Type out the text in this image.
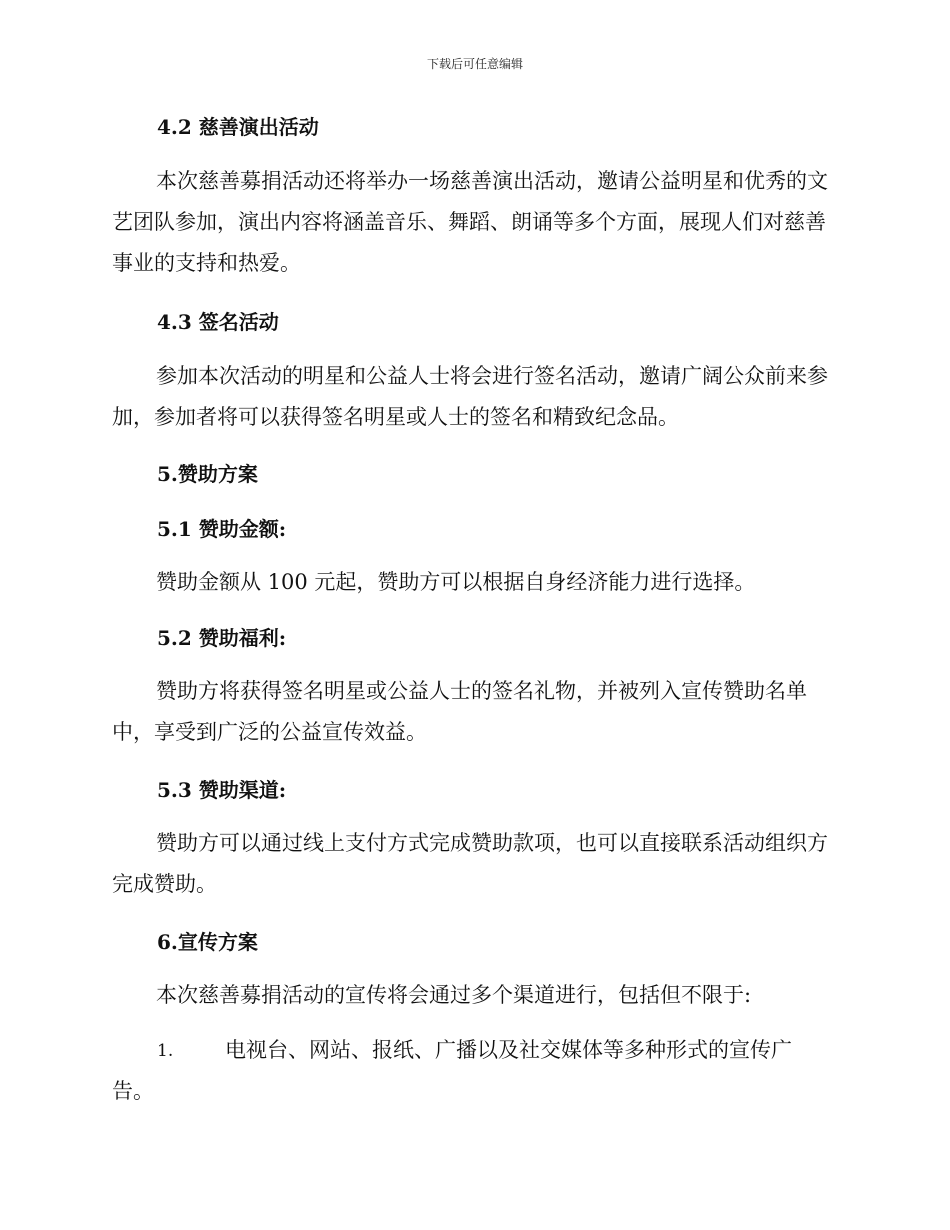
下载后可任意编辑
4.2 慈善演出活动
本次慈善募捐活动还将举办一场慈善演出活动，邀请公益明星和优秀的文艺团队参加，演出内容将涵盖音乐、舞蹈、朗诵等多个方面，展现人们对慈善事业的支持和热爱。
4.3 签名活动
参加本次活动的明星和公益人士将会进行签名活动，邀请广阔公众前来参加，参加者将可以获得签名明星或人士的签名和精致纪念品。
5.赞助方案
5.1 赞助金额:
赞助金额从 100 元起，赞助方可以根据自身经济能力进行选择。
5.2 赞助福利:
赞助方将获得签名明星或公益人士的签名礼物，并被列入宣传赞助名单中，享受到广泛的公益宣传效益。
5.3 赞助渠道:
赞助方可以通过线上支付方式完成赞助款项，也可以直接联系活动组织方完成赞助。
6.宣传方案
本次慈善募捐活动的宣传将会通过多个渠道进行，包括但不限于:
1.	电视台、网站、报纸、广播以及社交媒体等多种形式的宣传广告。
